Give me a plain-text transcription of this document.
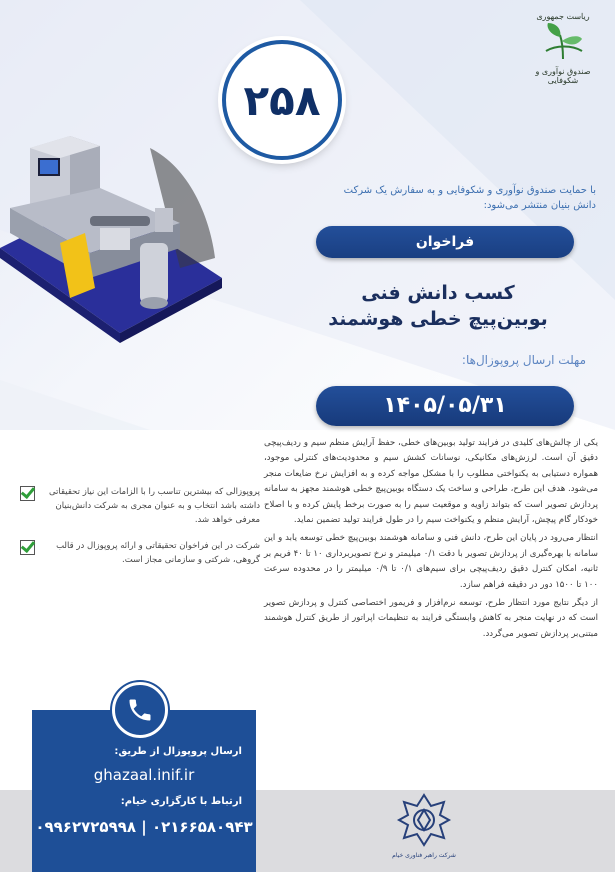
ریاست جمهوری
صندوق نوآوری و شکوفایی
۲۵۸
با حمایت صندوق نوآوری و شکوفایی و به سفارش یک شرکت دانش بنیان منتشر می‌شود:
فراخوان
کسب دانش فنی
بوبین‌پیچ خطی هوشمند
مهلت ارسال پروپوزال‌ها:
۱۴۰۵/۰۵/۳۱

یکی از چالش‌های کلیدی در فرایند تولید بوبین‌های خطی، حفظ آرایش منظم سیم و ردیف‌پیچی دقیق آن است. لرزش‌های مکانیکی، نوسانات کشش سیم و محدودیت‌های کنترلی موجود، همواره دستیابی به یکنواختی مطلوب را با مشکل مواجه کرده و به افزایش نرخ ضایعات منجر می‌شود. هدف این طرح، طراحی و ساخت یک دستگاه بوبین‌پیچ خطی هوشمند مجهز به سامانه پردازش تصویر است که بتواند زاویه و موقعیت سیم را به صورت برخط پایش کرده و با اصلاح خودکار گام پیچش، آرایش منظم و یکنواخت سیم را در طول فرایند تولید تضمین نماید.

انتظار می‌رود در پایان این طرح، دانش فنی و سامانه هوشمند بوبین‌پیچ خطی توسعه یابد و این سامانه با بهره‌گیری از پردازش تصویر با دقت ۰/۱ میلیمتر و نرخ تصویربرداری ۱۰ تا ۴۰ فریم بر ثانیه، امکان کنترل دقیق ردیف‌پیچی برای سیم‌های ۰/۱ تا ۰/۹ میلیمتر را در محدوده سرعت ۱۰۰ تا ۱۵۰۰ دور در دقیقه فراهم سازد.

از دیگر نتایج مورد انتظار طرح، توسعه نرم‌افزار و فریمور اختصاصی کنترل و پردازش تصویر است که در نهایت منجر به کاهش وابستگی فرایند به تنظیمات اپراتور از طریق کنترل هوشمند مبتنی‌بر پردازش تصویر می‌گردد.

پروپوزالی که بیشترین تناسب را با الزامات این نیاز تحقیقاتی داشته باشد انتخاب و به عنوان مجری به شرکت دانش‌بنیان معرفی خواهد شد.
شرکت در این فراخوان تحقیقاتی و ارائه پروپوزال در قالب گروهی، شرکتی و سازمانی مجاز است.
شرکت راهبر فناوری خیام
ارسال پروپوزال از طریق:
ghazaal.inif.ir
ارتباط با کارگزاری خیام:
۰۹۹۶۲۷۲۵۹۹۸ | ۰۲۱۶۶۵۸۰۹۴۳
